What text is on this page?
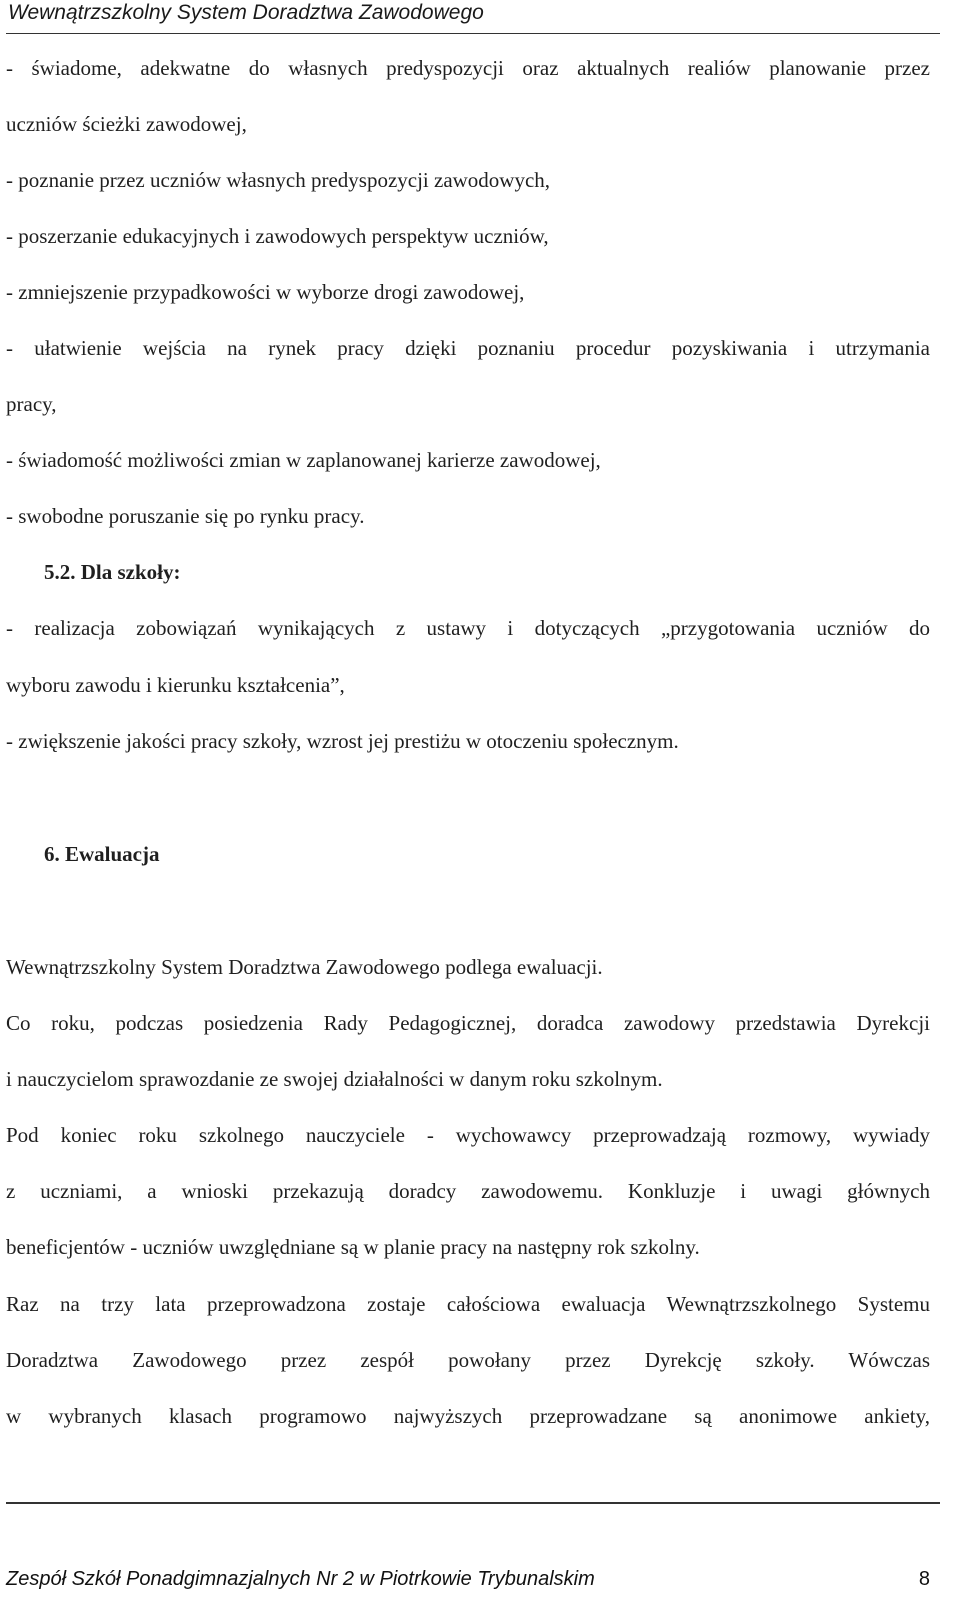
Wewnątrzszkolny System Doradztwa Zawodowego
- świadome, adekwatne do własnych predyspozycji oraz aktualnych realiów planowanie przez
uczniów ścieżki zawodowej,
- poznanie przez uczniów własnych predyspozycji zawodowych,
- poszerzanie edukacyjnych i zawodowych perspektyw uczniów,
- zmniejszenie przypadkowości w wyborze drogi zawodowej,
- ułatwienie wejścia na rynek pracy dzięki poznaniu procedur pozyskiwania i utrzymania
pracy,
- świadomość możliwości zmian w zaplanowanej karierze zawodowej,
- swobodne poruszanie się po rynku pracy.
5.2. Dla szkoły:
- realizacja zobowiązań wynikających z ustawy i dotyczących „przygotowania uczniów do
wyboru zawodu i kierunku kształcenia”,
- zwiększenie jakości pracy szkoły, wzrost jej prestiżu w otoczeniu społecznym.
6. Ewaluacja
Wewnątrzszkolny System Doradztwa Zawodowego podlega ewaluacji.
Co roku, podczas posiedzenia Rady Pedagogicznej, doradca zawodowy przedstawia Dyrekcji
i nauczycielom sprawozdanie ze swojej działalności w danym roku szkolnym.
Pod koniec roku szkolnego nauczyciele - wychowawcy przeprowadzają rozmowy, wywiady
z uczniami, a wnioski przekazują doradcy zawodowemu. Konkluzje i uwagi głównych
beneficjentów - uczniów uwzględniane są w planie pracy na następny rok szkolny.
Raz na trzy lata przeprowadzona zostaje całościowa ewaluacja Wewnątrzszkolnego Systemu
Doradztwa Zawodowego przez zespół powołany przez Dyrekcję szkoły. Wówczas
w wybranych klasach programowo najwyższych przeprowadzane są anonimowe ankiety,
Zespół Szkół Ponadgimnazjalnych Nr 2 w Piotrkowie Trybunalskim	8
